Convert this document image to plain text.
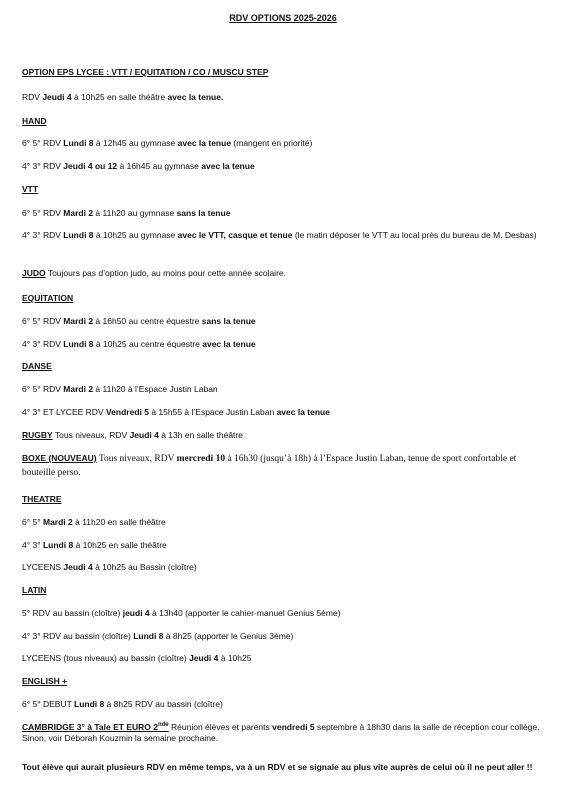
RDV OPTIONS 2025-2026
OPTION EPS LYCEE : VTT / EQUITATION / CO / MUSCU STEP
RDV Jeudi 4 à 10h25 en salle théâtre avec la tenue.
HAND
6° 5° RDV Lundi 8 à 12h45 au gymnase avec la tenue (mangent en priorité)
4° 3° RDV Jeudi 4 ou 12 à 16h45 au gymnase avec la tenue
VTT
6° 5° RDV Mardi 2 à 11h20 au gymnase sans la tenue
4° 3° RDV Lundi 8 à 10h25 au gymnase avec le VTT, casque et tenue (le matin déposer le VTT au local près du bureau de M. Desbas)
JUDO Toujours pas d’option judo, au moins pour cette année scolaire.
EQUITATION
6° 5° RDV Mardi 2 à 16h50 au centre équestre sans la tenue
4° 3° RDV Lundi 8 à 10h25 au centre équestre avec la tenue
DANSE
6° 5° RDV Mardi 2 à 11h20 à l’Espace Justin Laban
4° 3° ET LYCEE RDV Vendredi 5 à 15h55 à l’Espace Justin Laban avec la tenue
RUGBY Tous niveaux, RDV Jeudi 4 à 13h en salle théâtre
BOXE (NOUVEAU) Tous niveaux, RDV mercredi 10 à 16h30 (jusqu’à 18h) à l’Espace Justin Laban, tenue de sport confortable et bouteille perso.
THEATRE
6° 5° Mardi 2 à 11h20 en salle théâtre
4° 3° Lundi 8 à 10h25 en salle théâtre
LYCEENS Jeudi 4 à 10h25 au Bassin (cloître)
LATIN
5° RDV au bassin (cloître) jeudi 4 à 13h40 (apporter le cahier-manuel Genius 5ème)
4° 3° RDV au bassin (cloître) Lundi 8 à 8h25 (apporter le Genius 3ème)
LYCEENS (tous niveaux) au bassin (cloître) Jeudi 4 à 10h25
ENGLISH +
6° 5° DEBUT Lundi 8 à 8h25 RDV au bassin (cloître)
CAMBRIDGE 3° à Tale ET EURO 2nde Réunion élèves et parents vendredi 5 septembre à 18h30 dans la salle de réception cour collège. Sinon, voir Déborah Kouzmin la semaine prochaine.
Tout élève qui aurait plusieurs RDV en même temps, va à un RDV et se signale au plus vite auprès de celui où il ne peut aller !!
